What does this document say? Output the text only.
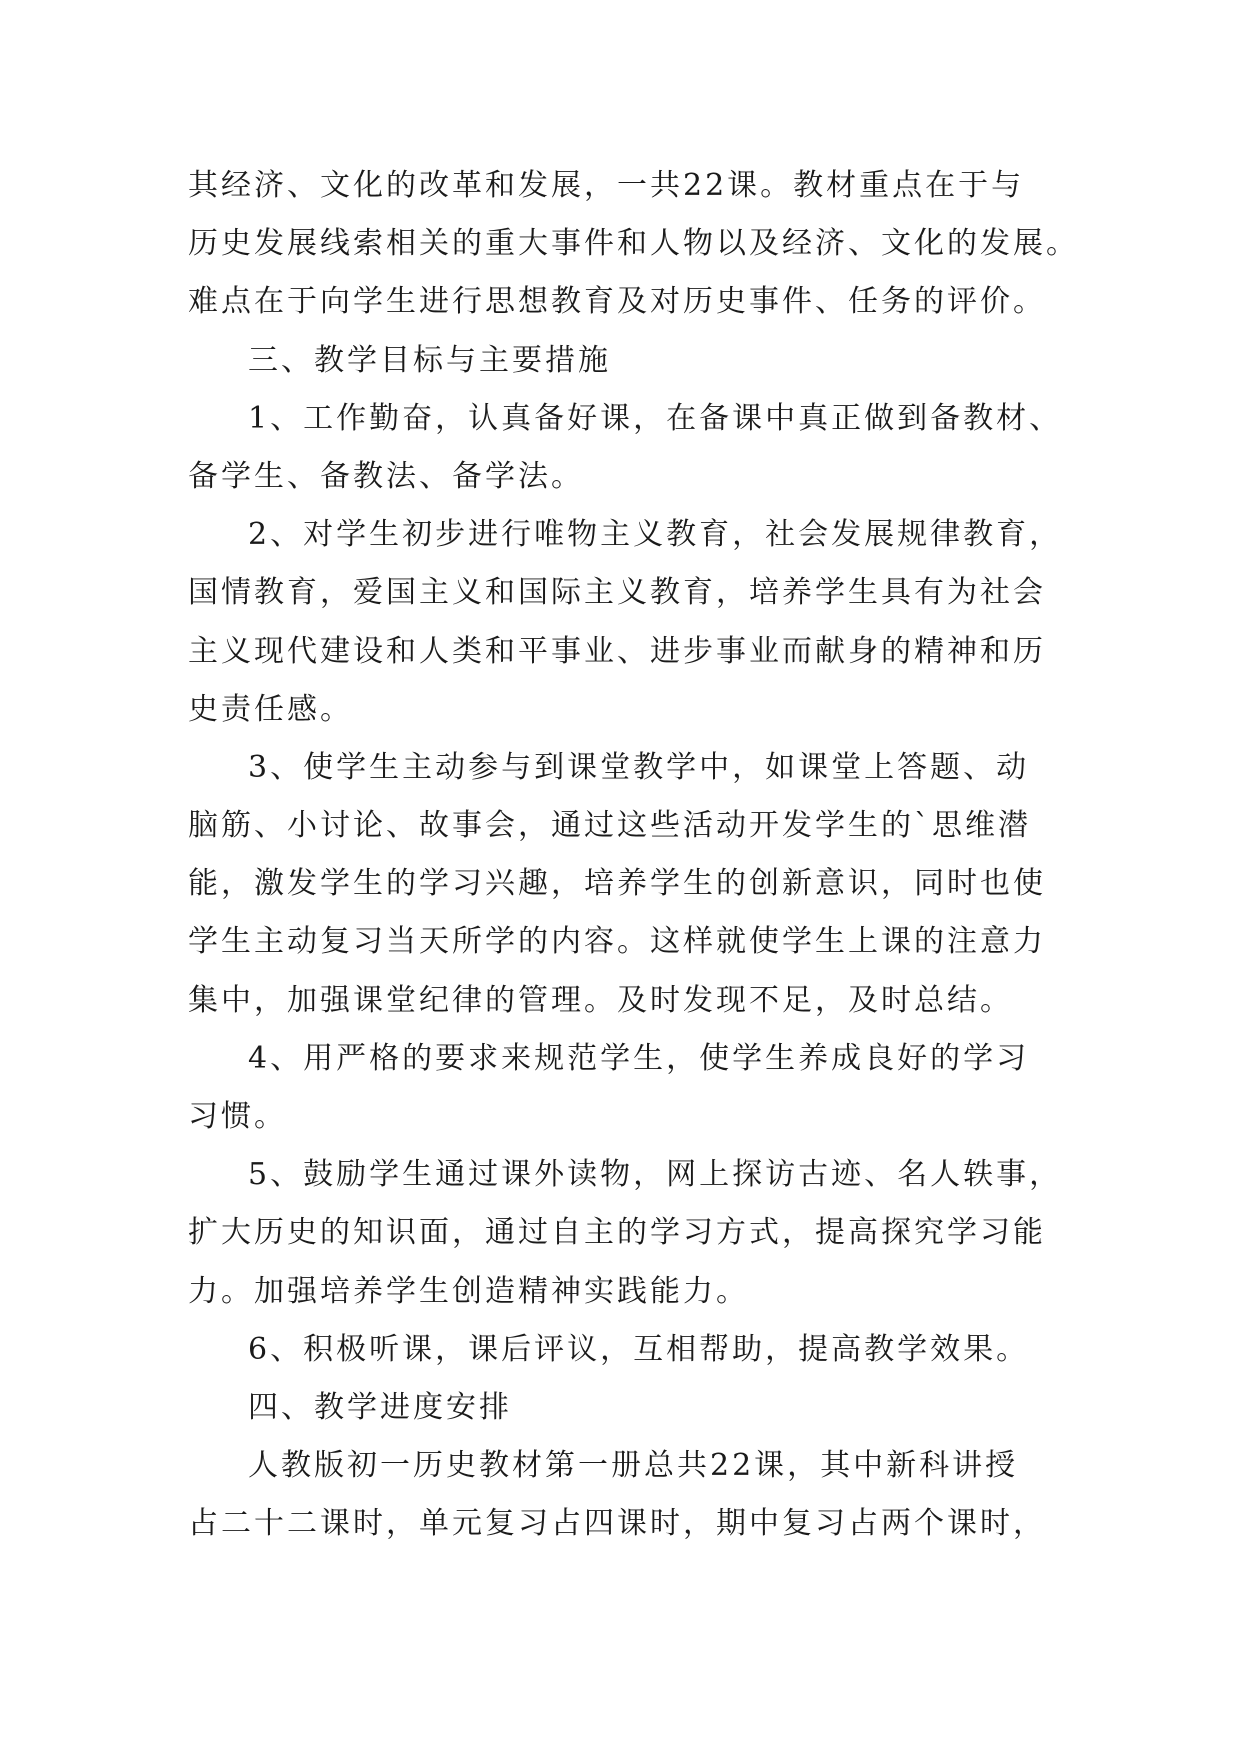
其经济、文化的改革和发展，一共22课。教材重点在于与
历史发展线索相关的重大事件和人物以及经济、文化的发展。
难点在于向学生进行思想教育及对历史事件、任务的评价。
三、教学目标与主要措施
1、工作勤奋，认真备好课，在备课中真正做到备教材、
备学生、备教法、备学法。
2、对学生初步进行唯物主义教育，社会发展规律教育，
国情教育，爱国主义和国际主义教育，培养学生具有为社会
主义现代建设和人类和平事业、进步事业而献身的精神和历
史责任感。
3、使学生主动参与到课堂教学中，如课堂上答题、动
脑筋、小讨论、故事会，通过这些活动开发学生的`思维潜
能，激发学生的学习兴趣，培养学生的创新意识，同时也使
学生主动复习当天所学的内容。这样就使学生上课的注意力
集中，加强课堂纪律的管理。及时发现不足，及时总结。
4、用严格的要求来规范学生，使学生养成良好的学习
习惯。
5、鼓励学生通过课外读物，网上探访古迹、名人轶事，
扩大历史的知识面，通过自主的学习方式，提高探究学习能
力。加强培养学生创造精神实践能力。
6、积极听课，课后评议，互相帮助，提高教学效果。
四、教学进度安排
人教版初一历史教材第一册总共22课，其中新科讲授
占二十二课时，单元复习占四课时，期中复习占两个课时，
